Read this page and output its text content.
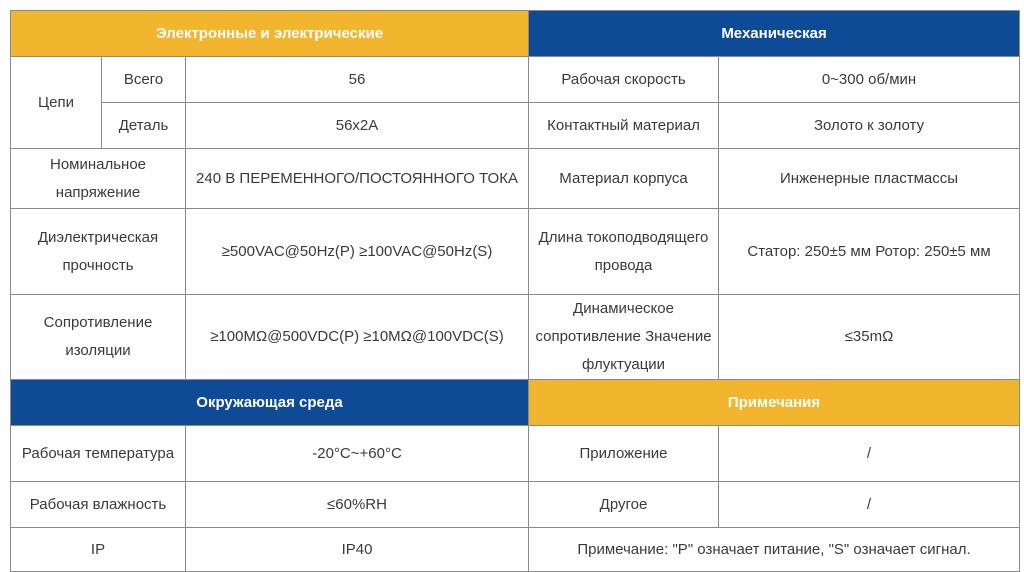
Электронные и электрические			Механическая	
Цепи	Всего	56	Рабочая скорость	0~300 об/мин
	Деталь	56x2A	Контактный материал	Золото к золоту
Номинальное напряжение		240 В ПЕРЕМЕННОГО/ПОСТОЯННОГО ТОКА	Материал корпуса	Инженерные пластмассы
Диэлектрическая прочность		≥500VAC@50Hz(P) ≥100VAC@50Hz(S)	Длина токоподводящего провода	Статор: 250±5 мм Ротор: 250±5 мм
Сопротивление изоляции		≥100MΩ@500VDC(P) ≥10MΩ@100VDC(S)	Динамическое сопротивление Значение флуктуации	≤35mΩ
Окружающая среда			Примечания	
Рабочая температура		-20°C~+60°C	Приложение	/
Рабочая влажность		≤60%RH	Другое	/
IP		IP40	Примечание: "P" означает питание, "S" означает сигнал.	
